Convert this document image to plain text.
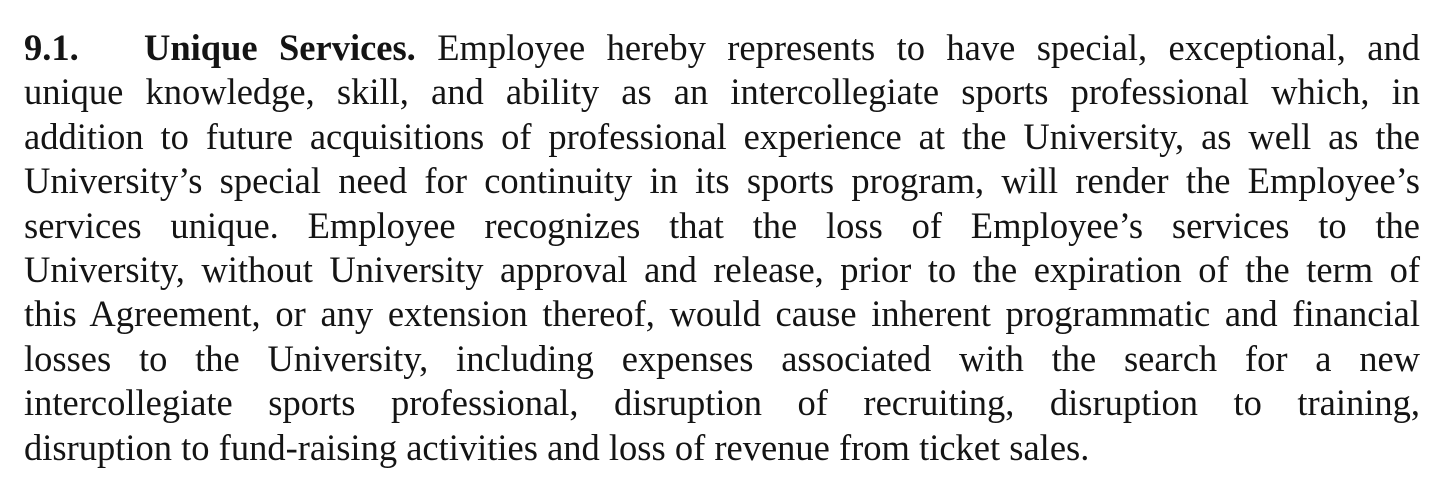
9.1. Unique Services. Employee hereby represents to have special, exceptional, and
unique knowledge, skill, and ability as an intercollegiate sports professional which, in
addition to future acquisitions of professional experience at the University, as well as the
University’s special need for continuity in its sports program, will render the Employee’s
services unique. Employee recognizes that the loss of Employee’s services to the
University, without University approval and release, prior to the expiration of the term of
this Agreement, or any extension thereof, would cause inherent programmatic and financial
losses to the University, including expenses associated with the search for a new
intercollegiate sports professional, disruption of recruiting, disruption to training,
disruption to fund-raising activities and loss of revenue from ticket sales.
